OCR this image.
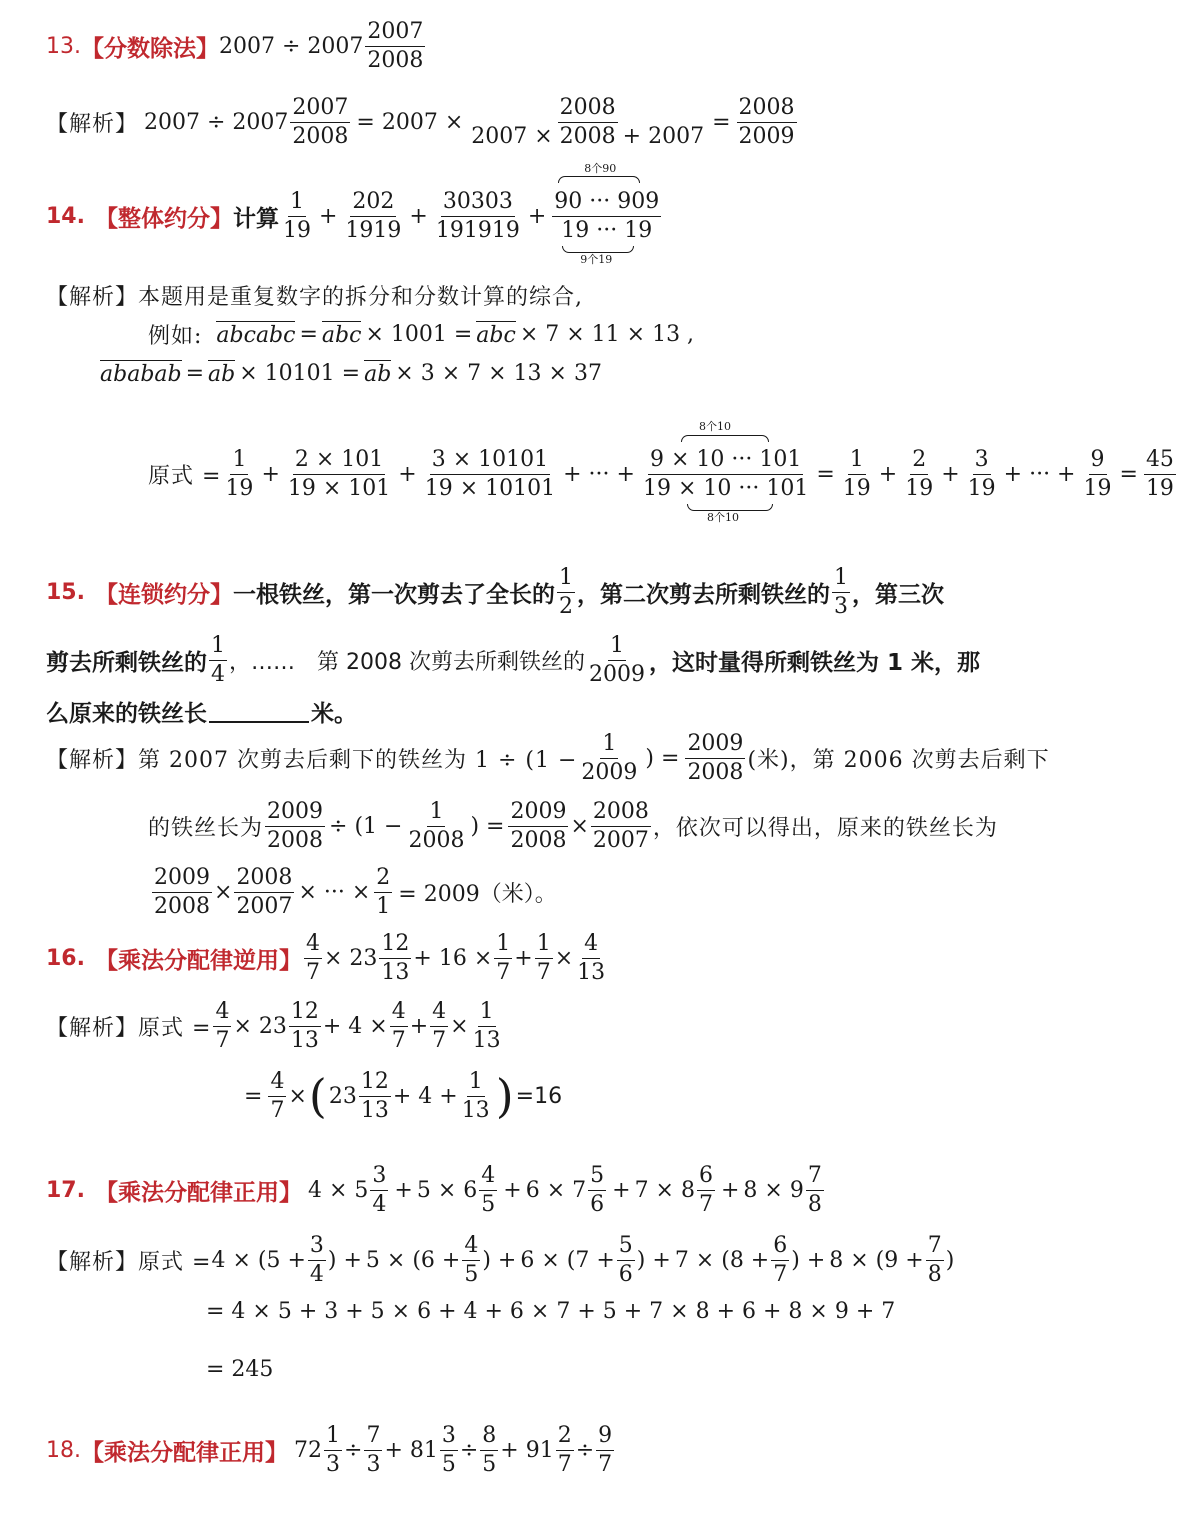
13. 【分数除法】 $2007 \div 2007 \frac{2007}{2008}$
【解析】 $2007 \div 2007 \frac{2007}{2008} = 2007 \times \frac{2008}{2007 \times 2008 + 2007} = \frac{2008}{2009}$
14. 【整体约分】 计算 $\frac{1}{19} + \frac{202}{1919} + \frac{30303}{191919}$ +
8个90
90 ··· 909
19 ··· 19
9个19
【解析】 本题用是重复数字的拆分和分数计算的综合,
例如: abcabc = abc × 1001 = abc × 7 × 11 × 13 ,
ababab = ab × 10101 = ab × 3 × 7 × 13 × 37
原式 = $\frac{1}{19} + \frac{2 \times 101}{19 \times 101} + \frac{3 \times 10101}{19 \times 10101}$ + ··· +
8个10
9 × 10 ··· 101
19 × 10 ··· 101
8个10
= $\frac{1}{19} + \frac{2}{19} + \frac{3}{19}$ + ··· + $\frac{9}{19} = \frac{45}{19}$
15. 【连锁约分】 一根铁丝，第一次剪去了全长的 $\frac{1}{2}$ ，第二次剪去所剩铁丝的 $\frac{1}{3}$ ，第三次
剪去所剩铁丝的 $\frac{1}{4}$ ，……　第 2008 次剪去所剩铁丝的 $\frac{1}{2009}$ ，这时量得所剩铁丝为 1 米，那
么原来的铁丝长	米。
【解析】 第 2007 次剪去后剩下的铁丝为 $1 \div (1 - \frac{1}{2009}$ ) = $\frac{2009}{2008}$ (米)，第 2006 次剪去后剩下
的铁丝长为 $\frac{2009}{2008} \div (1 - \frac{1}{2008}$ ) = $\frac{2009}{2008} \times \frac{2008}{2007}$ ，依次可以得出，原来的铁丝长为
$\frac{2009}{2008} \times \frac{2008}{2007}$ × ··· × $\frac{2}{1} = 2009$（米）。
16. 【乘法分配律逆用】 $\frac{4}{7} \times 23 \frac{12}{13} + 16 \times \frac{1}{7} + \frac{1}{7} \times \frac{4}{13}$
【解析】 原式 = $\frac{4}{7} \times 23 \frac{12}{13} + 4 \times \frac{4}{7} + \frac{4}{7} \times \frac{1}{13}$
= $\frac{4}{7}$ × ( $23 \frac{12}{13} + 4 + \frac{1}{13}$ ) =16
17. 【乘法分配律正用】 $4 \times 5 \frac{3}{4} + 5 \times 6 \frac{4}{5} + 6 \times 7 \frac{5}{6} + 7 \times 8 \frac{6}{7} + 8 \times 9 \frac{7}{8}$
【解析】 原式 = $4 \times (5 + \frac{3}{4}$ ) + $5 \times (6 + \frac{4}{5}$ ) + $6 \times (7 + \frac{5}{6}$ ) + $7 \times (8 + \frac{6}{7}$ ) + $8 \times (9 + \frac{7}{8}$ )
= 4 × 5 + 3 + 5 × 6 + 4 + 6 × 7 + 5 + 7 × 8 + 6 + 8 × 9 + 7
= 245
18. 【乘法分配律正用】 $72 \frac{1}{3} \div \frac{7}{3} + 81 \frac{3}{5} \div \frac{8}{5} + 91 \frac{2}{7} \div \frac{9}{7}$
